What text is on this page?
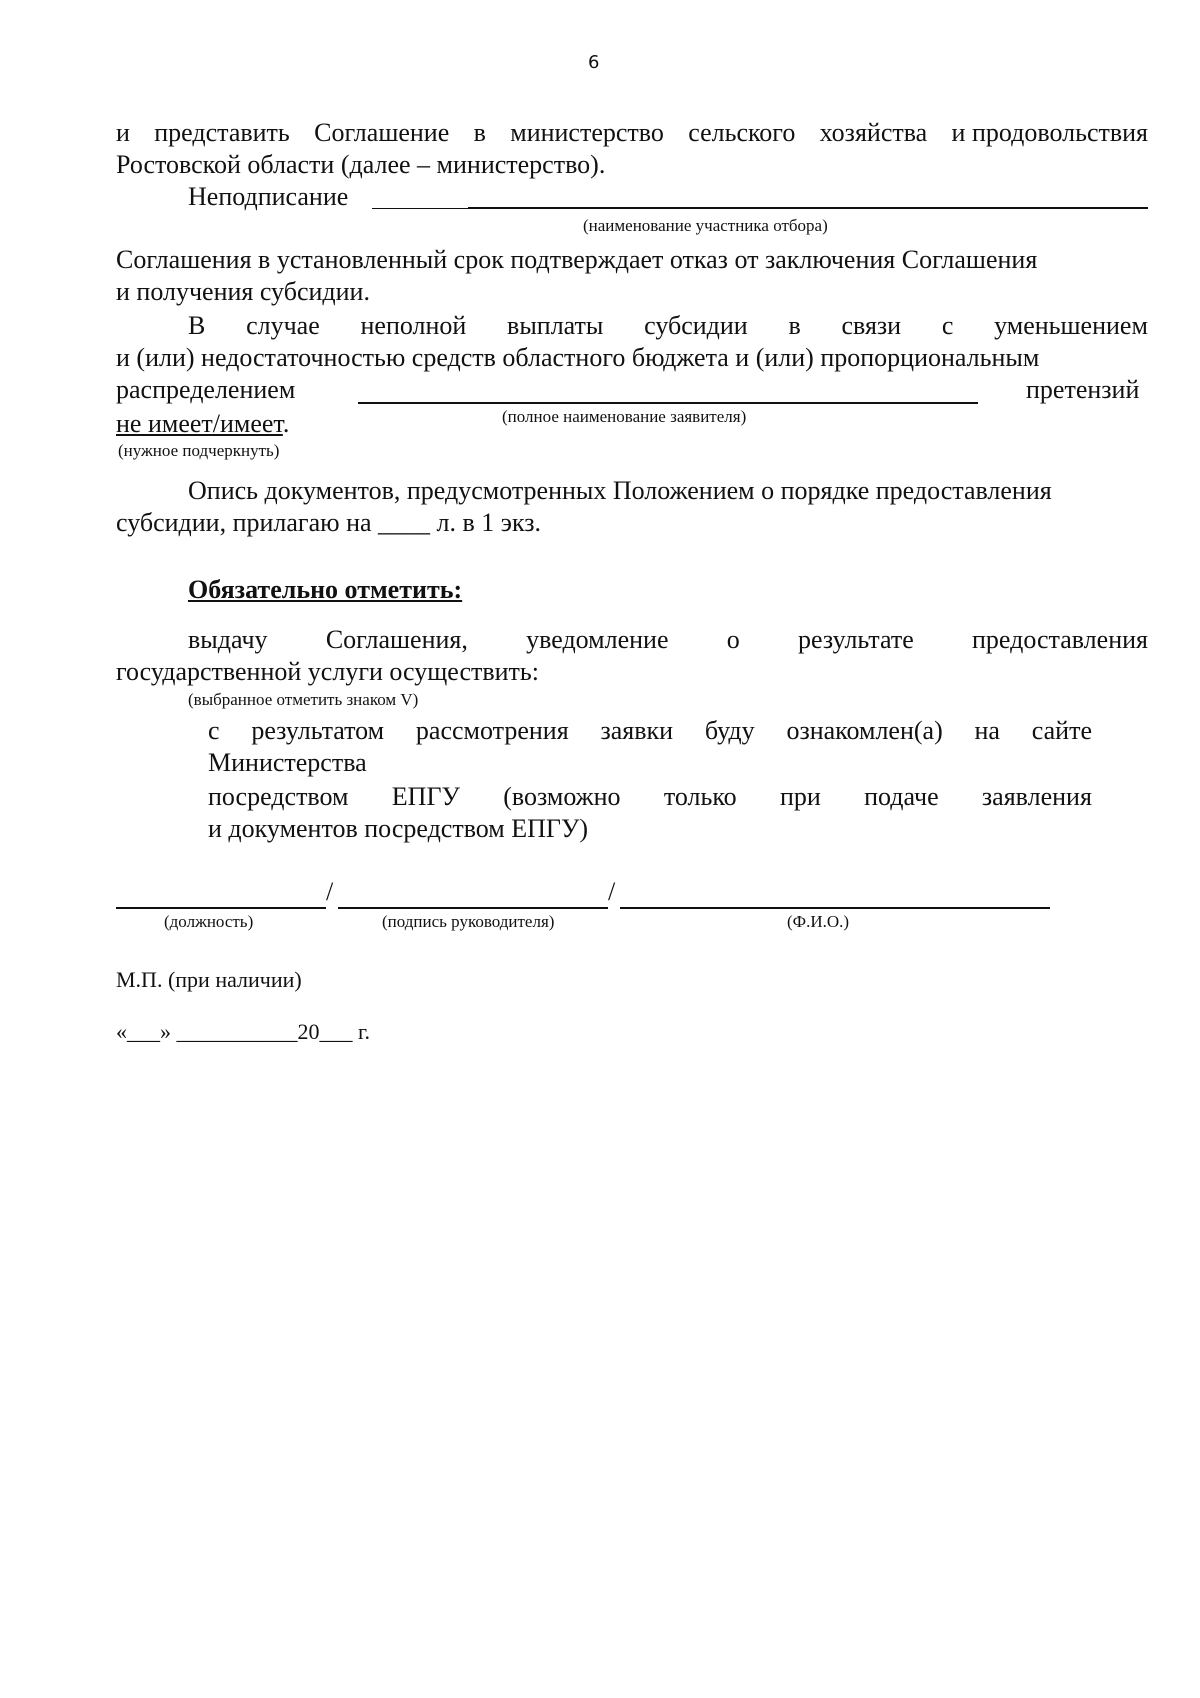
6
и представить Соглашение в министерство сельского хозяйства и продовольствия
Ростовской области (далее – министерство).
Неподписание
(наименование участника отбора)
Соглашения в установленный срок подтверждает отказ от заключения Соглашения
и получения субсидии.
В случае неполной выплаты субсидии в связи с уменьшением
и (или) недостаточностью средств областного бюджета и (или) пропорциональным
распределением	претензий
(полное наименование заявителя)
не имеет/имеет.
(нужное подчеркнуть)
Опись документов, предусмотренных Положением о порядке предоставления
субсидии, прилагаю на ____ л. в 1 экз.
Обязательно отметить:
выдачу Соглашения, уведомление о результате предоставления
государственной услуги осуществить:
(выбранное отметить знаком V)
с результатом рассмотрения заявки буду ознакомлен(а) на сайте
Министерства
посредством ЕПГУ (возможно только при подаче заявления
и документов посредством ЕПГУ)
/	/
(должность)	(подпись руководителя)	(Ф.И.О.)
М.П. (при наличии)
«___» ___________20___ г.
